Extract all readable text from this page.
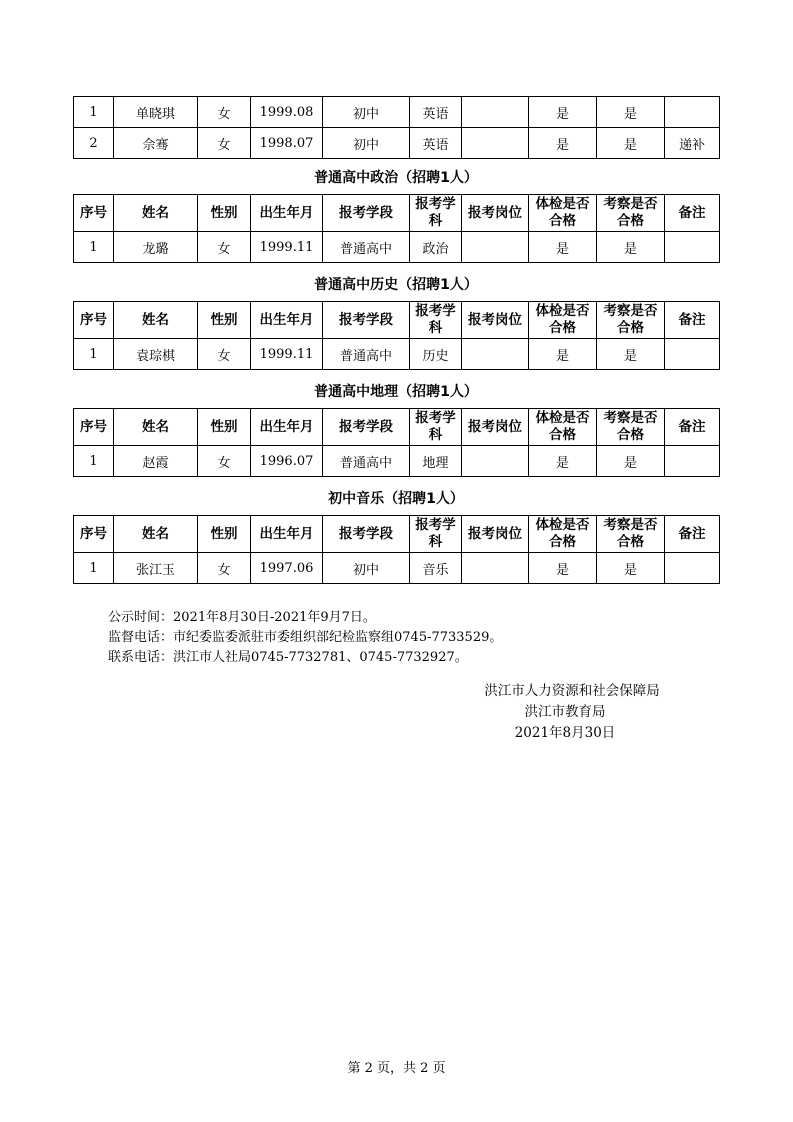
1	单晓琪	女	1999.08	初中	英语		是	是	
2	佘骞	女	1998.07	初中	英语		是	是	递补
普通高中政治（招聘1人）
序号	姓名	性别	出生年月	报考学段	报考学科	报考岗位	体检是否合格	考察是否合格	备注
1	龙璐	女	1999.11	普通高中	政治		是	是	
普通高中历史（招聘1人）
序号	姓名	性别	出生年月	报考学段	报考学科	报考岗位	体检是否合格	考察是否合格	备注
1	袁琮棋	女	1999.11	普通高中	历史		是	是	
普通高中地理（招聘1人）
序号	姓名	性别	出生年月	报考学段	报考学科	报考岗位	体检是否合格	考察是否合格	备注
1	赵霞	女	1996.07	普通高中	地理		是	是	
初中音乐（招聘1人）
序号	姓名	性别	出生年月	报考学段	报考学科	报考岗位	体检是否合格	考察是否合格	备注
1	张江玉	女	1997.06	初中	音乐		是	是	
公示时间：2021年8月30日-2021年9月7日。
监督电话：市纪委监委派驻市委组织部纪检监察组0745-7733529。
联系电话：洪江市人社局0745-7732781、0745-7732927。
洪江市人力资源和社会保障局
洪江市教育局
2021年8月30日
第 2 页，共 2 页
